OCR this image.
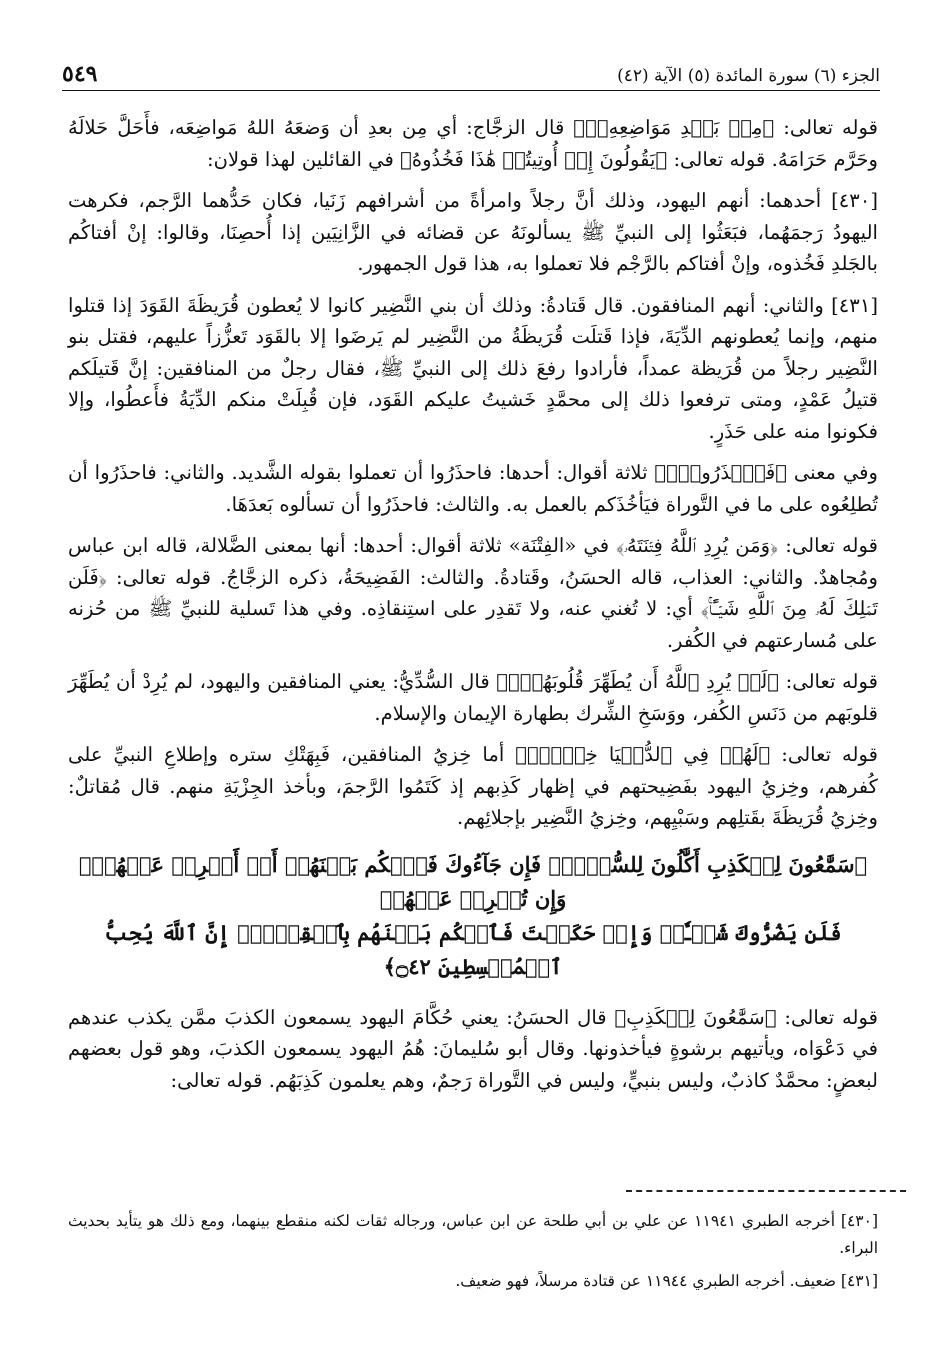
الجزء (٦) سورة المائدة (٥) الآية (٤٢)
٥٤٩

قوله تعالى: ﴿مِنۢ بَعۡدِ مَوَاضِعِهِۦۖ﴾ قال الزجَّاج: أي مِن بعدِ أن وَضعَهُ اللهُ مَواضِعَه، فأَحَلَّ حَلالَهُ وحَرَّم حَرَامَهُ. قوله تعالى: ﴿يَقُولُونَ إِنۡ أُوتِيتُمۡ هَٰذَا فَخُذُوهُ﴾ في القائلين لهذا قولان:

[٤٣٠] أحدهما: أنهم اليهود، وذلك أنَّ رجلاً وامرأةً من أشرافهم زَنَيا، فكان حَدُّهما الرَّجم، فكرهت اليهودُ رَجمَهُما، فبَعَثُوا إلى النبيِّ ﷺ يسألونَهُ عن قضائه في الزَّانِيَين إذا أُحصِنَا، وقالوا: إنْ أفتاكُم بالجَلدِ فَخُذوه، وإنْ أفتاكم بالرَّجْم فلا تعملوا به، هذا قول الجمهور.

[٤٣١] والثاني: أنهم المنافقون. قال قَتادةُ: وذلك أن بني النَّضِير كانوا لا يُعطون قُرَيظَةَ القَوَدَ إذا قتلوا منهم، وإنما يُعطونهم الدِّيَةَ، فإذا قَتلَت قُرَيظَةُ من النَّضِير لم يَرضَوا إلا بالقَوَد تَعزُّزاً عليهم، فقتل بنو النَّضِير رجلاً من قُرَيظة عمداً، فأرادوا رفعَ ذلك إلى النبيِّ ﷺ، فقال رجلٌ من المنافقين: إنَّ قَتيلَكم قتيلُ عَمْدٍ، ومتى ترفعوا ذلك إلى محمَّدٍ خَشيتُ عليكم القَوَد، فإن قُبِلَتْ منكم الدِّيَةُ فأَعطُوا، وإلا فكونوا منه على حَذَرٍ.

وفي معنى ﴿فَٱحۡذَرُواْۚ﴾ ثلاثة أقوال: أحدها: فاحذَرُوا أن تعملوا بقوله الشَّديد. والثاني: فاحذَرُوا أن تُطلِعُوه على ما في التَّوراة فيَأخُذَكم بالعمل به. والثالث: فاحذَرُوا أن تسألوه بَعدَهَا.

قوله تعالى: ﴿وَمَن يُرِدِ ٱللَّهُ فِتۡنَتَهُۥ﴾ في «الفِتْنَة» ثلاثة أقوال: أحدها: أنها بمعنى الضَّلالة، قاله ابن عباس ومُجاهدٌ. والثاني: العذاب، قاله الحسَنُ، وقَتادةُ. والثالث: الفَضِيحَةُ، ذكره الزجَّاجُ. قوله تعالى: ﴿فَلَن تَمۡلِكَ لَهُۥ مِنَ ٱللَّهِ شَيۡـًٔاۚ﴾ أي: لا تُغني عنه، ولا تَقدِر على استِنقاذِه. وفي هذا تَسلية للنبيِّ ﷺ من حُزنه على مُسارعتهم في الكُفر.

قوله تعالى: ﴿لَمۡ يُرِدِ ٱللَّهُ أَن يُطَهِّرَ قُلُوبَهُمۡۚ﴾ قال السُّدِّيُّ: يعني المنافقين واليهود، لم يُرِدْ أن يُطَهِّرَ قلوبَهم من دَنَسِ الكُفر، ووَسَخِ الشِّرك بطهارة الإيمان والإسلام.

قوله تعالى: ﴿لَهُمۡ فِي ٱلدُّنۡيَا خِزۡيٞۖ﴾ أما خِزيُ المنافقين، فَبِهَتْكِ ستره وإطلاعِ النبيِّ على كُفرهم، وخِزيُ اليهود بفَضِيحتهم في إظهار كَذِبهم إذ كَتَمُوا الرَّجمَ، وبأخذ الجِزْيَةِ منهم. قال مُقاتلٌ: وخِزيُ قُرَيظَةَ بقَتلِهم وسَبْيِهم، وخِزيُ النَّضِير بإجلائِهم.

﴿سَمَّٰعُونَ لِلۡكَذِبِ أَكَّٰلُونَ لِلسُّحۡتِۚ فَإِن جَآءُوكَ فَٱحۡكُم بَيۡنَهُمۡ أَوۡ أَعۡرِضۡ عَنۡهُمۡۖ وَإِن تُعۡرِضۡ عَنۡهُمۡ
فَلَن يَضُرُّوكَ شَيۡـٔٗاۖ وَإِنۡ حَكَمۡتَ فَٱحۡكُم بَيۡنَهُم بِٱلۡقِسۡطِۚ إِنَّ ٱللَّهَ يُحِبُّ ٱلۡمُقۡسِطِينَ ۝٤٢﴾

قوله تعالى: ﴿سَمَّٰعُونَ لِلۡكَذِبِ﴾ قال الحسَنُ: يعني حُكَّامَ اليهود يسمعون الكذبَ ممَّن يكذب عندهم في دَعْوَاه، ويأتيهم برشوةٍ فيأخذونها. وقال أبو سُليمانَ: هُمُ اليهود يسمعون الكذبَ، وهو قول بعضهم لبعضٍ: محمَّدٌ كاذبٌ، وليس بنبيٍّ، وليس في التَّوراة رَجمٌ، وهم يعلمون كَذِبَهُم. قوله تعالى:

[٤٣٠] أخرجه الطبري ١١٩٤١ عن علي بن أبي طلحة عن ابن عباس، ورجاله ثقات لكنه منقطع بينهما، ومع ذلك هو يتأيد بحديث البراء.

[٤٣١] ضعيف. أخرجه الطبري ١١٩٤٤ عن قتادة مرسلاً، فهو ضعيف.
